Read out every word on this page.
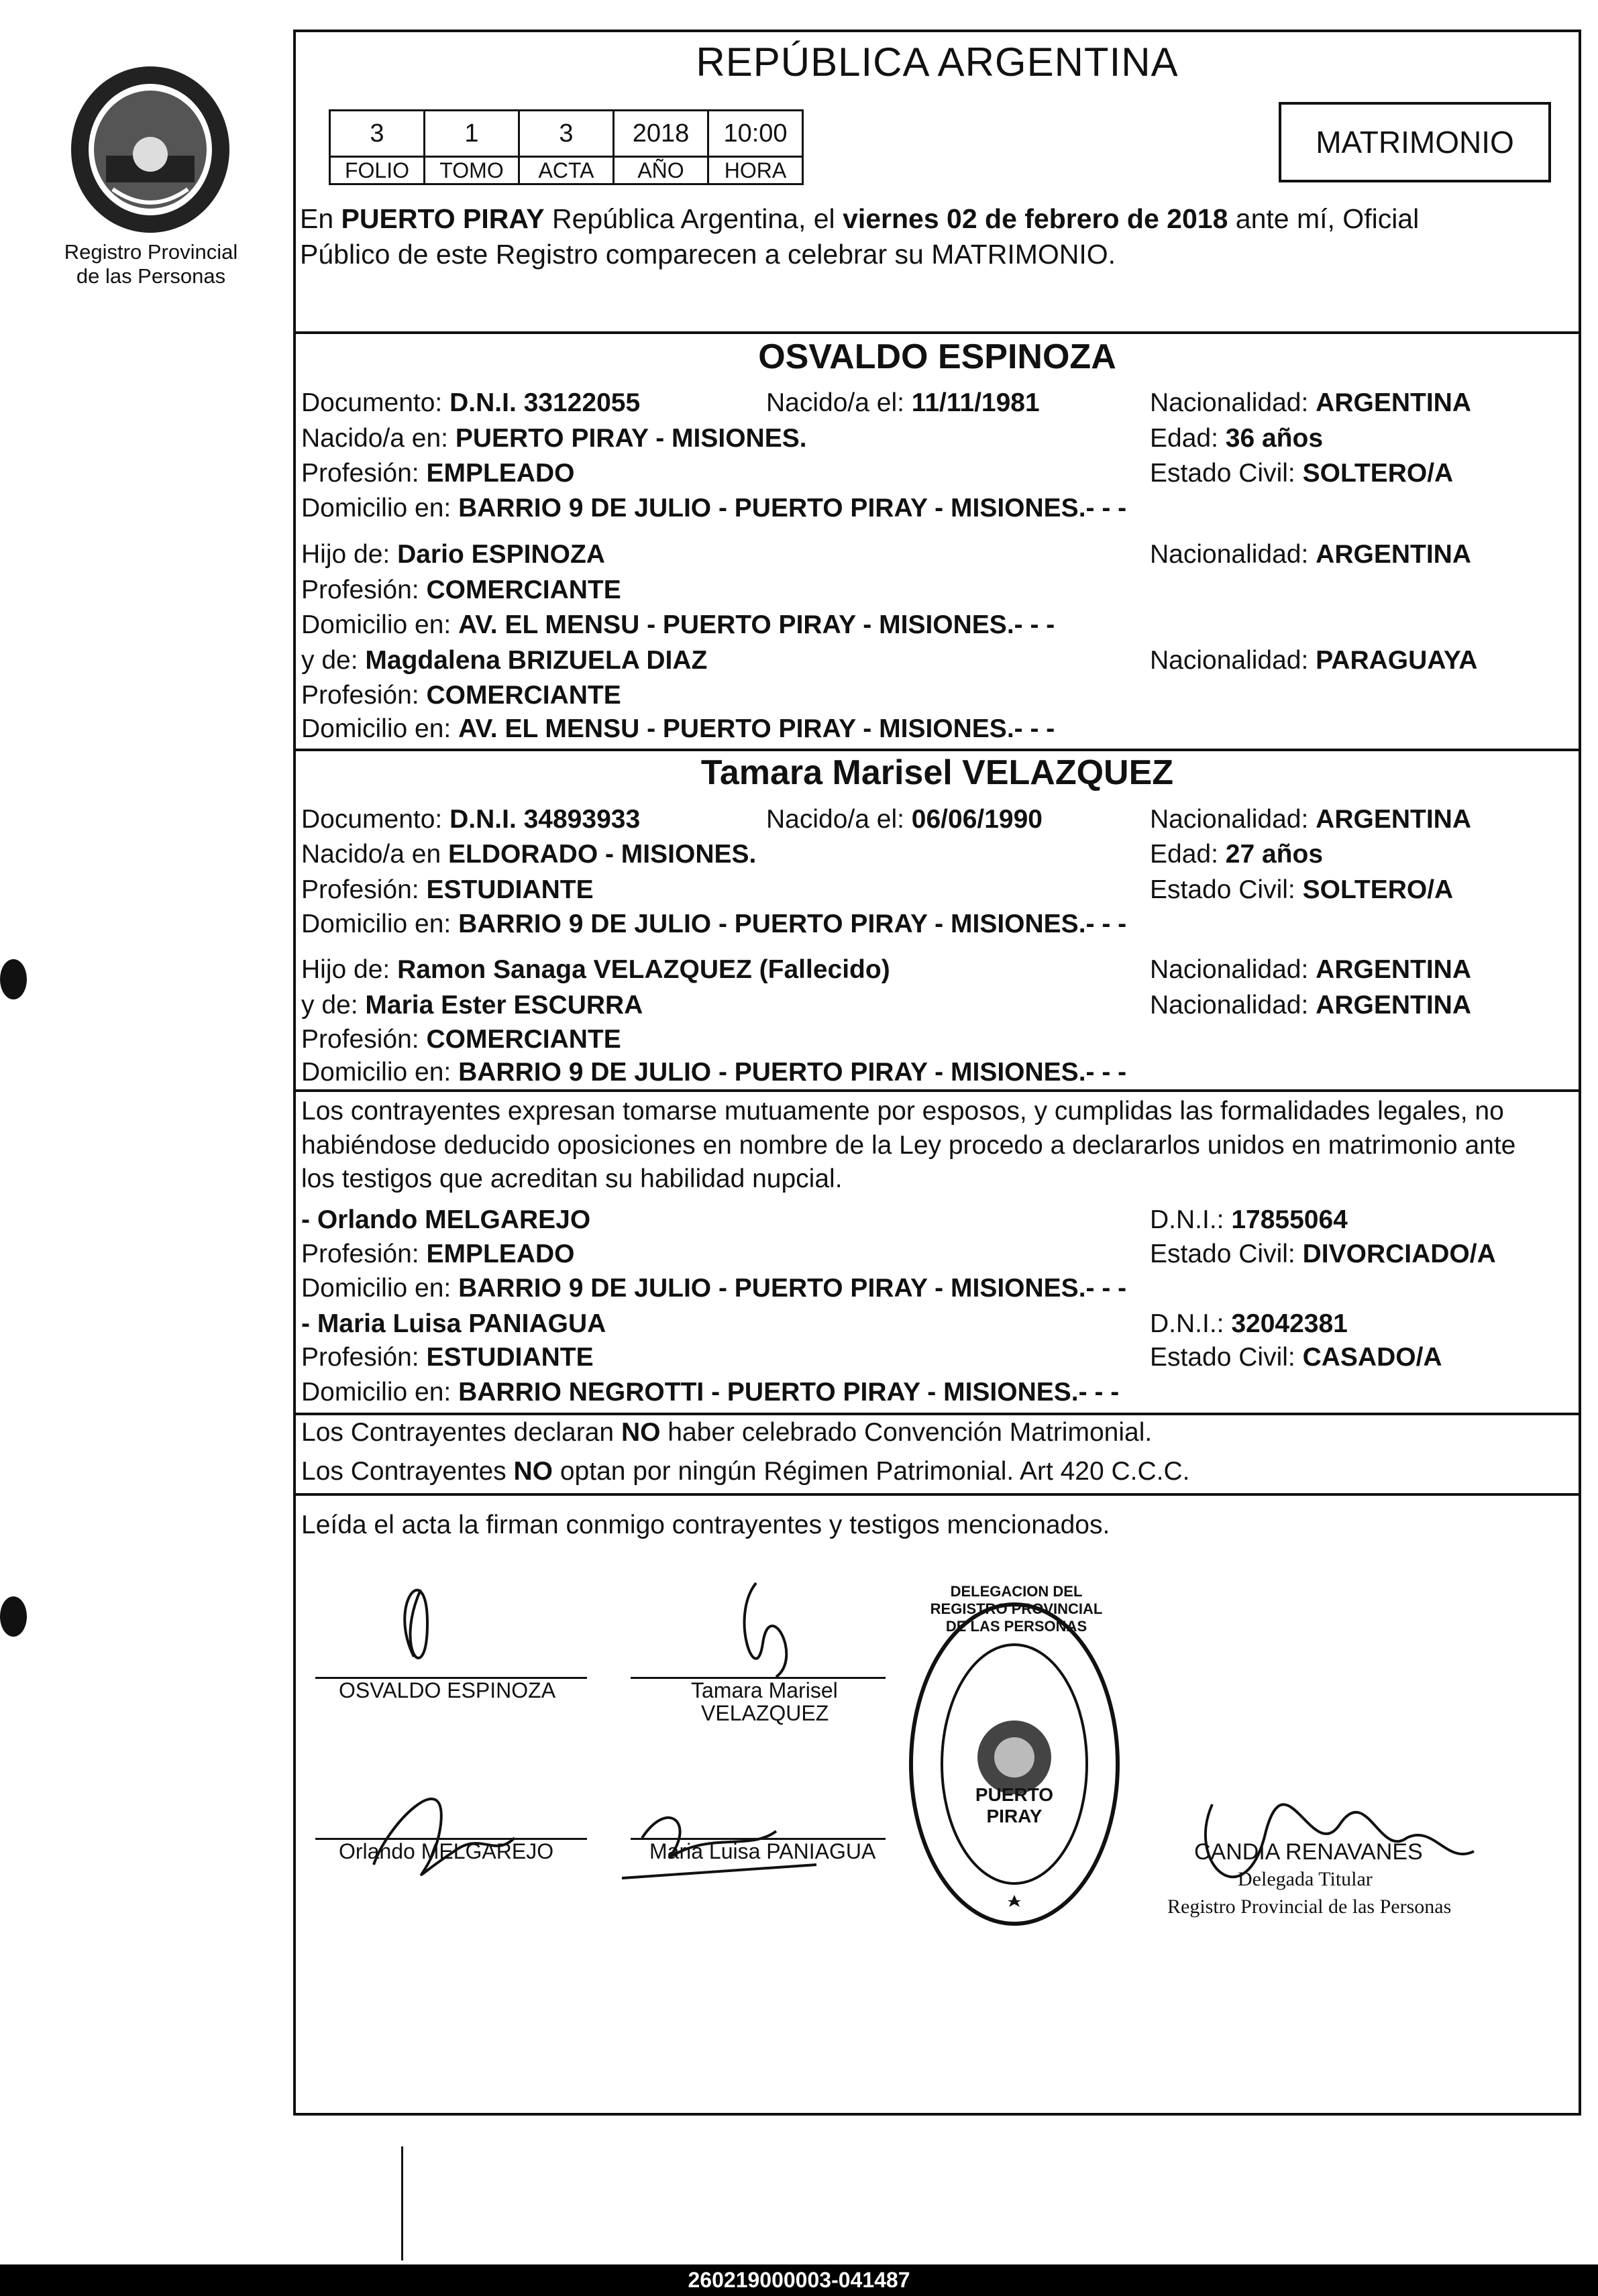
Registro Provincial
de las Personas
REPÚBLICA ARGENTINA
3	1	3	2018	10:00
FOLIO	TOMO	ACTA	AÑO	HORA
MATRIMONIO
En PUERTO PIRAY República Argentina, el viernes 02 de febrero de 2018 ante mí, Oficial
Público de este Registro comparecen a celebrar su MATRIMONIO.
OSVALDO ESPINOZA
Documento: D.N.I. 33122055	Nacido/a el: 11/11/1981	Nacionalidad: ARGENTINA
Nacido/a en: PUERTO PIRAY - MISIONES.	Edad: 36 años
Profesión: EMPLEADO	Estado Civil: SOLTERO/A
Domicilio en: BARRIO 9 DE JULIO - PUERTO PIRAY - MISIONES.- - -
Hijo de: Dario ESPINOZA	Nacionalidad: ARGENTINA
Profesión: COMERCIANTE
Domicilio en: AV. EL MENSU - PUERTO PIRAY - MISIONES.- - -
y de: Magdalena BRIZUELA DIAZ	Nacionalidad: PARAGUAYA
Profesión: COMERCIANTE
Domicilio en: AV. EL MENSU - PUERTO PIRAY - MISIONES.- - -
Tamara Marisel VELAZQUEZ
Documento: D.N.I. 34893933	Nacido/a el: 06/06/1990	Nacionalidad: ARGENTINA
Nacido/a en ELDORADO - MISIONES.	Edad: 27 años
Profesión: ESTUDIANTE	Estado Civil: SOLTERO/A
Domicilio en: BARRIO 9 DE JULIO - PUERTO PIRAY - MISIONES.- - -
Hijo de: Ramon Sanaga VELAZQUEZ (Fallecido)	Nacionalidad: ARGENTINA
y de: Maria Ester ESCURRA	Nacionalidad: ARGENTINA
Profesión: COMERCIANTE
Domicilio en: BARRIO 9 DE JULIO - PUERTO PIRAY - MISIONES.- - -
Los contrayentes expresan tomarse mutuamente por esposos, y cumplidas las formalidades legales, no
habiéndose deducido oposiciones en nombre de la Ley procedo a declararlos unidos en matrimonio ante
los testigos que acreditan su habilidad nupcial.
- Orlando MELGAREJO	D.N.I.: 17855064
Profesión: EMPLEADO	Estado Civil: DIVORCIADO/A
Domicilio en: BARRIO 9 DE JULIO - PUERTO PIRAY - MISIONES.- - -
- Maria Luisa PANIAGUA	D.N.I.: 32042381
Profesión: ESTUDIANTE	Estado Civil: CASADO/A
Domicilio en: BARRIO NEGROTTI - PUERTO PIRAY - MISIONES.- - -
Los Contrayentes declaran NO haber celebrado Convención Matrimonial.
Los Contrayentes NO optan por ningún Régimen Patrimonial. Art 420 C.C.C.
Leída el acta la firman conmigo contrayentes y testigos mencionados.
OSVALDO ESPINOZA	Tamara Marisel
VELAZQUEZ
Orlando MELGAREJO	Maria Luisa PANIAGUA
DELEGACION DEL REGISTRO PROVINCIAL DE LAS PERSONAS
PUERTO PIRAY
CANDIA RENAVANES
Delegada Titular
Registro Provincial de las Personas
260219000003-041487
